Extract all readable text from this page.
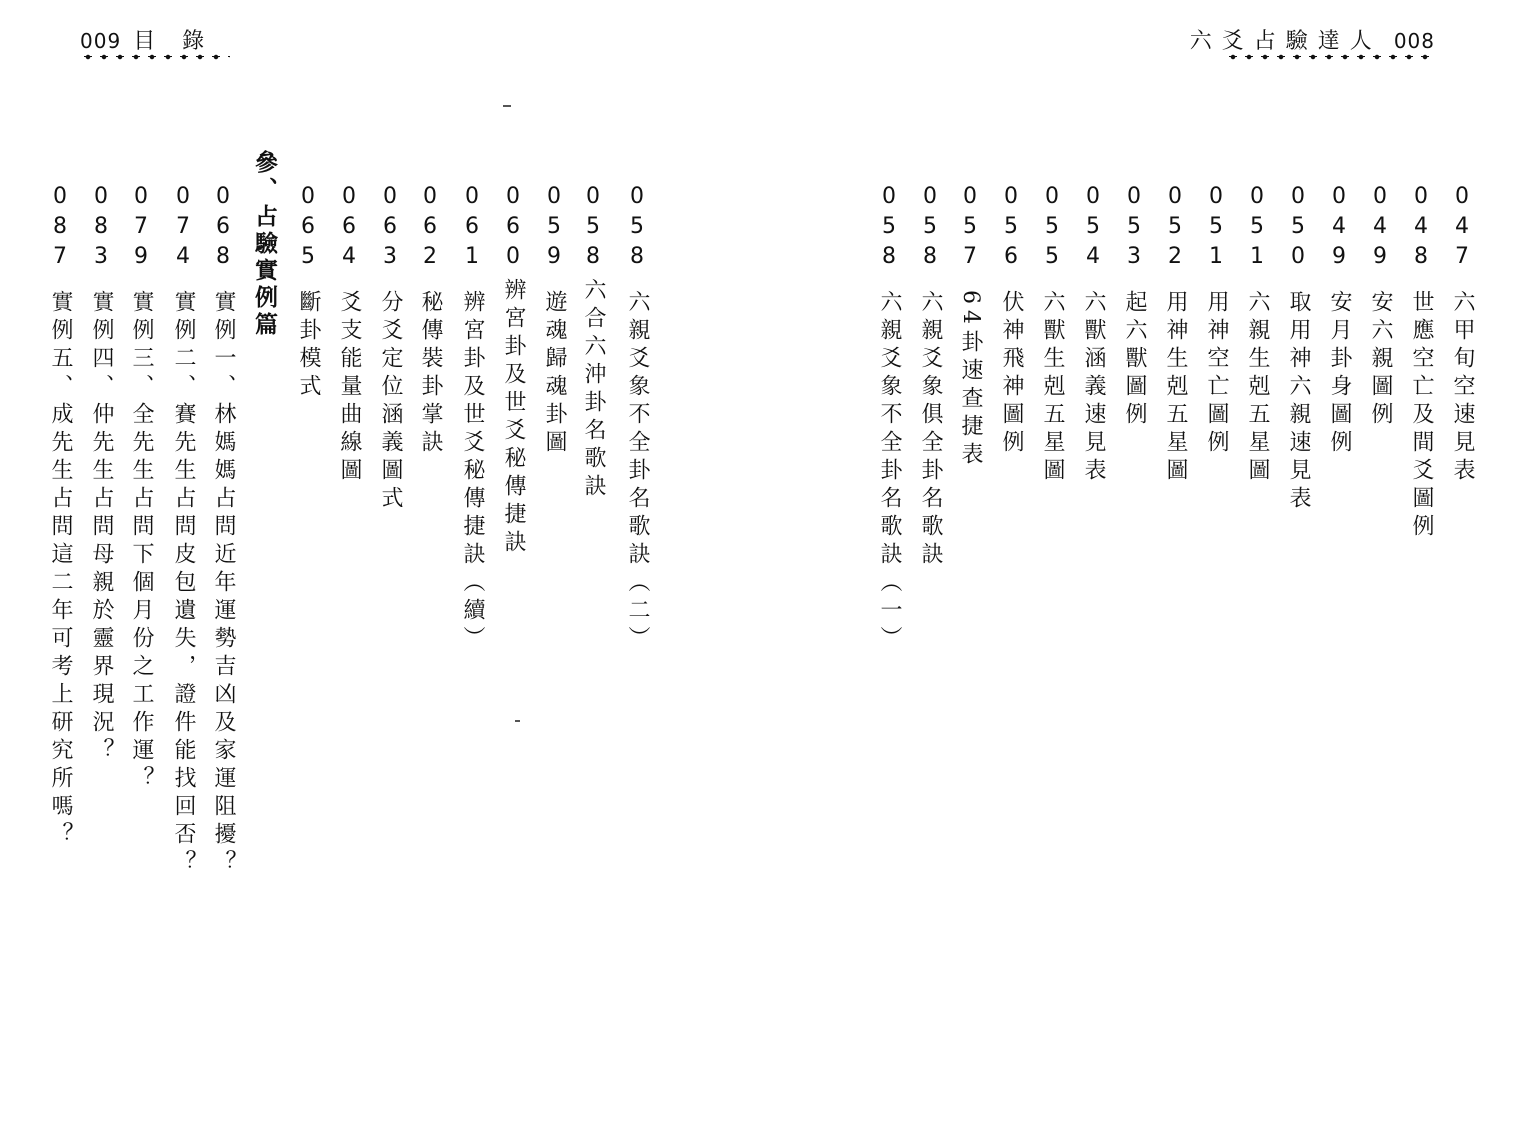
009 目 錄
參、占驗實例篇	0
5
8
六親爻象不全卦名歌訣（二）
0
5
8
六合六沖卦名歌訣
0
5
9
遊魂歸魂卦圖
0
6
0
辨宮卦及世爻秘傳捷訣
0
6
1
辨宮卦及世爻秘傳捷訣（續）
0
6
2
秘傳裝卦掌訣
0
6
3
分爻定位涵義圖式
0
6
4
爻支能量曲線圖
0
6
5
斷卦模式
0
6
8
實例一、林媽媽占問近年運勢吉凶及家運阻擾？
0
7
4
實例二、賽先生占問皮包遺失，證件能找回否？
0
7
9
實例三、全先生占問下個月份之工作運？
0
8
3
實例四、仲先生占問母親於靈界現況？
0
8
7
實例五、成先生占問這二年可考上研究所嗎？
六爻占驗達人 008
0
4
7
六甲旬空速見表
0
4
8
世應空亡及間爻圖例
0
4
9
安六親圖例
0
4
9
安月卦身圖例
0
5
0
取用神六親速見表
0
5
1
六親生剋五星圖
0
5
1
用神空亡圖例
0
5
2
用神生剋五星圖
0
5
3
起六獸圖例
0
5
4
六獸涵義速見表
0
5
5
六獸生剋五星圖
0
5
6
伏神飛神圖例
0
5
7
64卦速查捷表
0
5
8
六親爻象俱全卦名歌訣
0
5
8
六親爻象不全卦名歌訣（一）
